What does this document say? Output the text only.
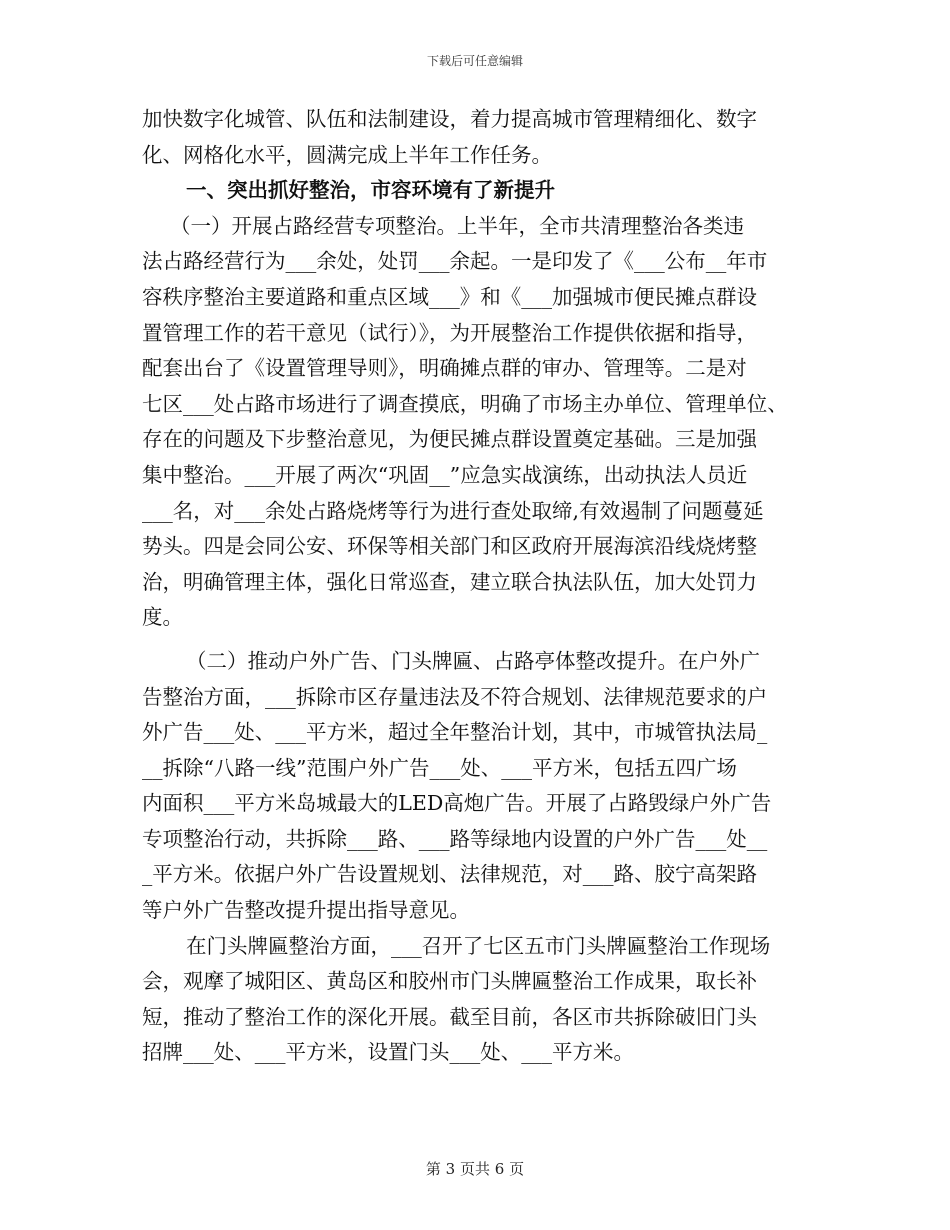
下载后可任意编辑
加快数字化城管、队伍和法制建设，着力提高城市管理精细化、数字
化、网格化水平，圆满完成上半年工作任务。
一、突出抓好整治，市容环境有了新提升
（一）开展占路经营专项整治。上半年，全市共清理整治各类违
法占路经营行为___余处，处罚___余起。一是印发了《___公布__年市
容秩序整治主要道路和重点区域___》和《___加强城市便民摊点群设
置管理工作的若干意见（试行）》，为开展整治工作提供依据和指导，
配套出台了《设置管理导则》，明确摊点群的审办、管理等。二是对
七区___处占路市场进行了调查摸底，明确了市场主办单位、管理单位、
存在的问题及下步整治意见，为便民摊点群设置奠定基础。三是加强
集中整治。___开展了两次“巩固__”应急实战演练，出动执法人员近
___名，对___余处占路烧烤等行为进行查处取缔,有效遏制了问题蔓延
势头。四是会同公安、环保等相关部门和区政府开展海滨沿线烧烤整
治，明确管理主体，强化日常巡查，建立联合执法队伍，加大处罚力
度。
（二）推动户外广告、门头牌匾、占路亭体整改提升。在户外广
告整治方面，___拆除市区存量违法及不符合规划、法律规范要求的户
外广告___处、___平方米，超过全年整治计划，其中，市城管执法局_
__拆除“八路一线”范围户外广告___处、___平方米，包括五四广场
内面积___平方米岛城最大的LED高炮广告。开展了占路毁绿户外广告
专项整治行动，共拆除___路、___路等绿地内设置的户外广告___处__
_平方米。依据户外广告设置规划、法律规范，对___路、胶宁高架路
等户外广告整改提升提出指导意见。
在门头牌匾整治方面，___召开了七区五市门头牌匾整治工作现场
会，观摩了城阳区、黄岛区和胶州市门头牌匾整治工作成果，取长补
短，推动了整治工作的深化开展。截至目前，各区市共拆除破旧门头
招牌___处、___平方米，设置门头___处、___平方米。
第 3 页共 6 页
